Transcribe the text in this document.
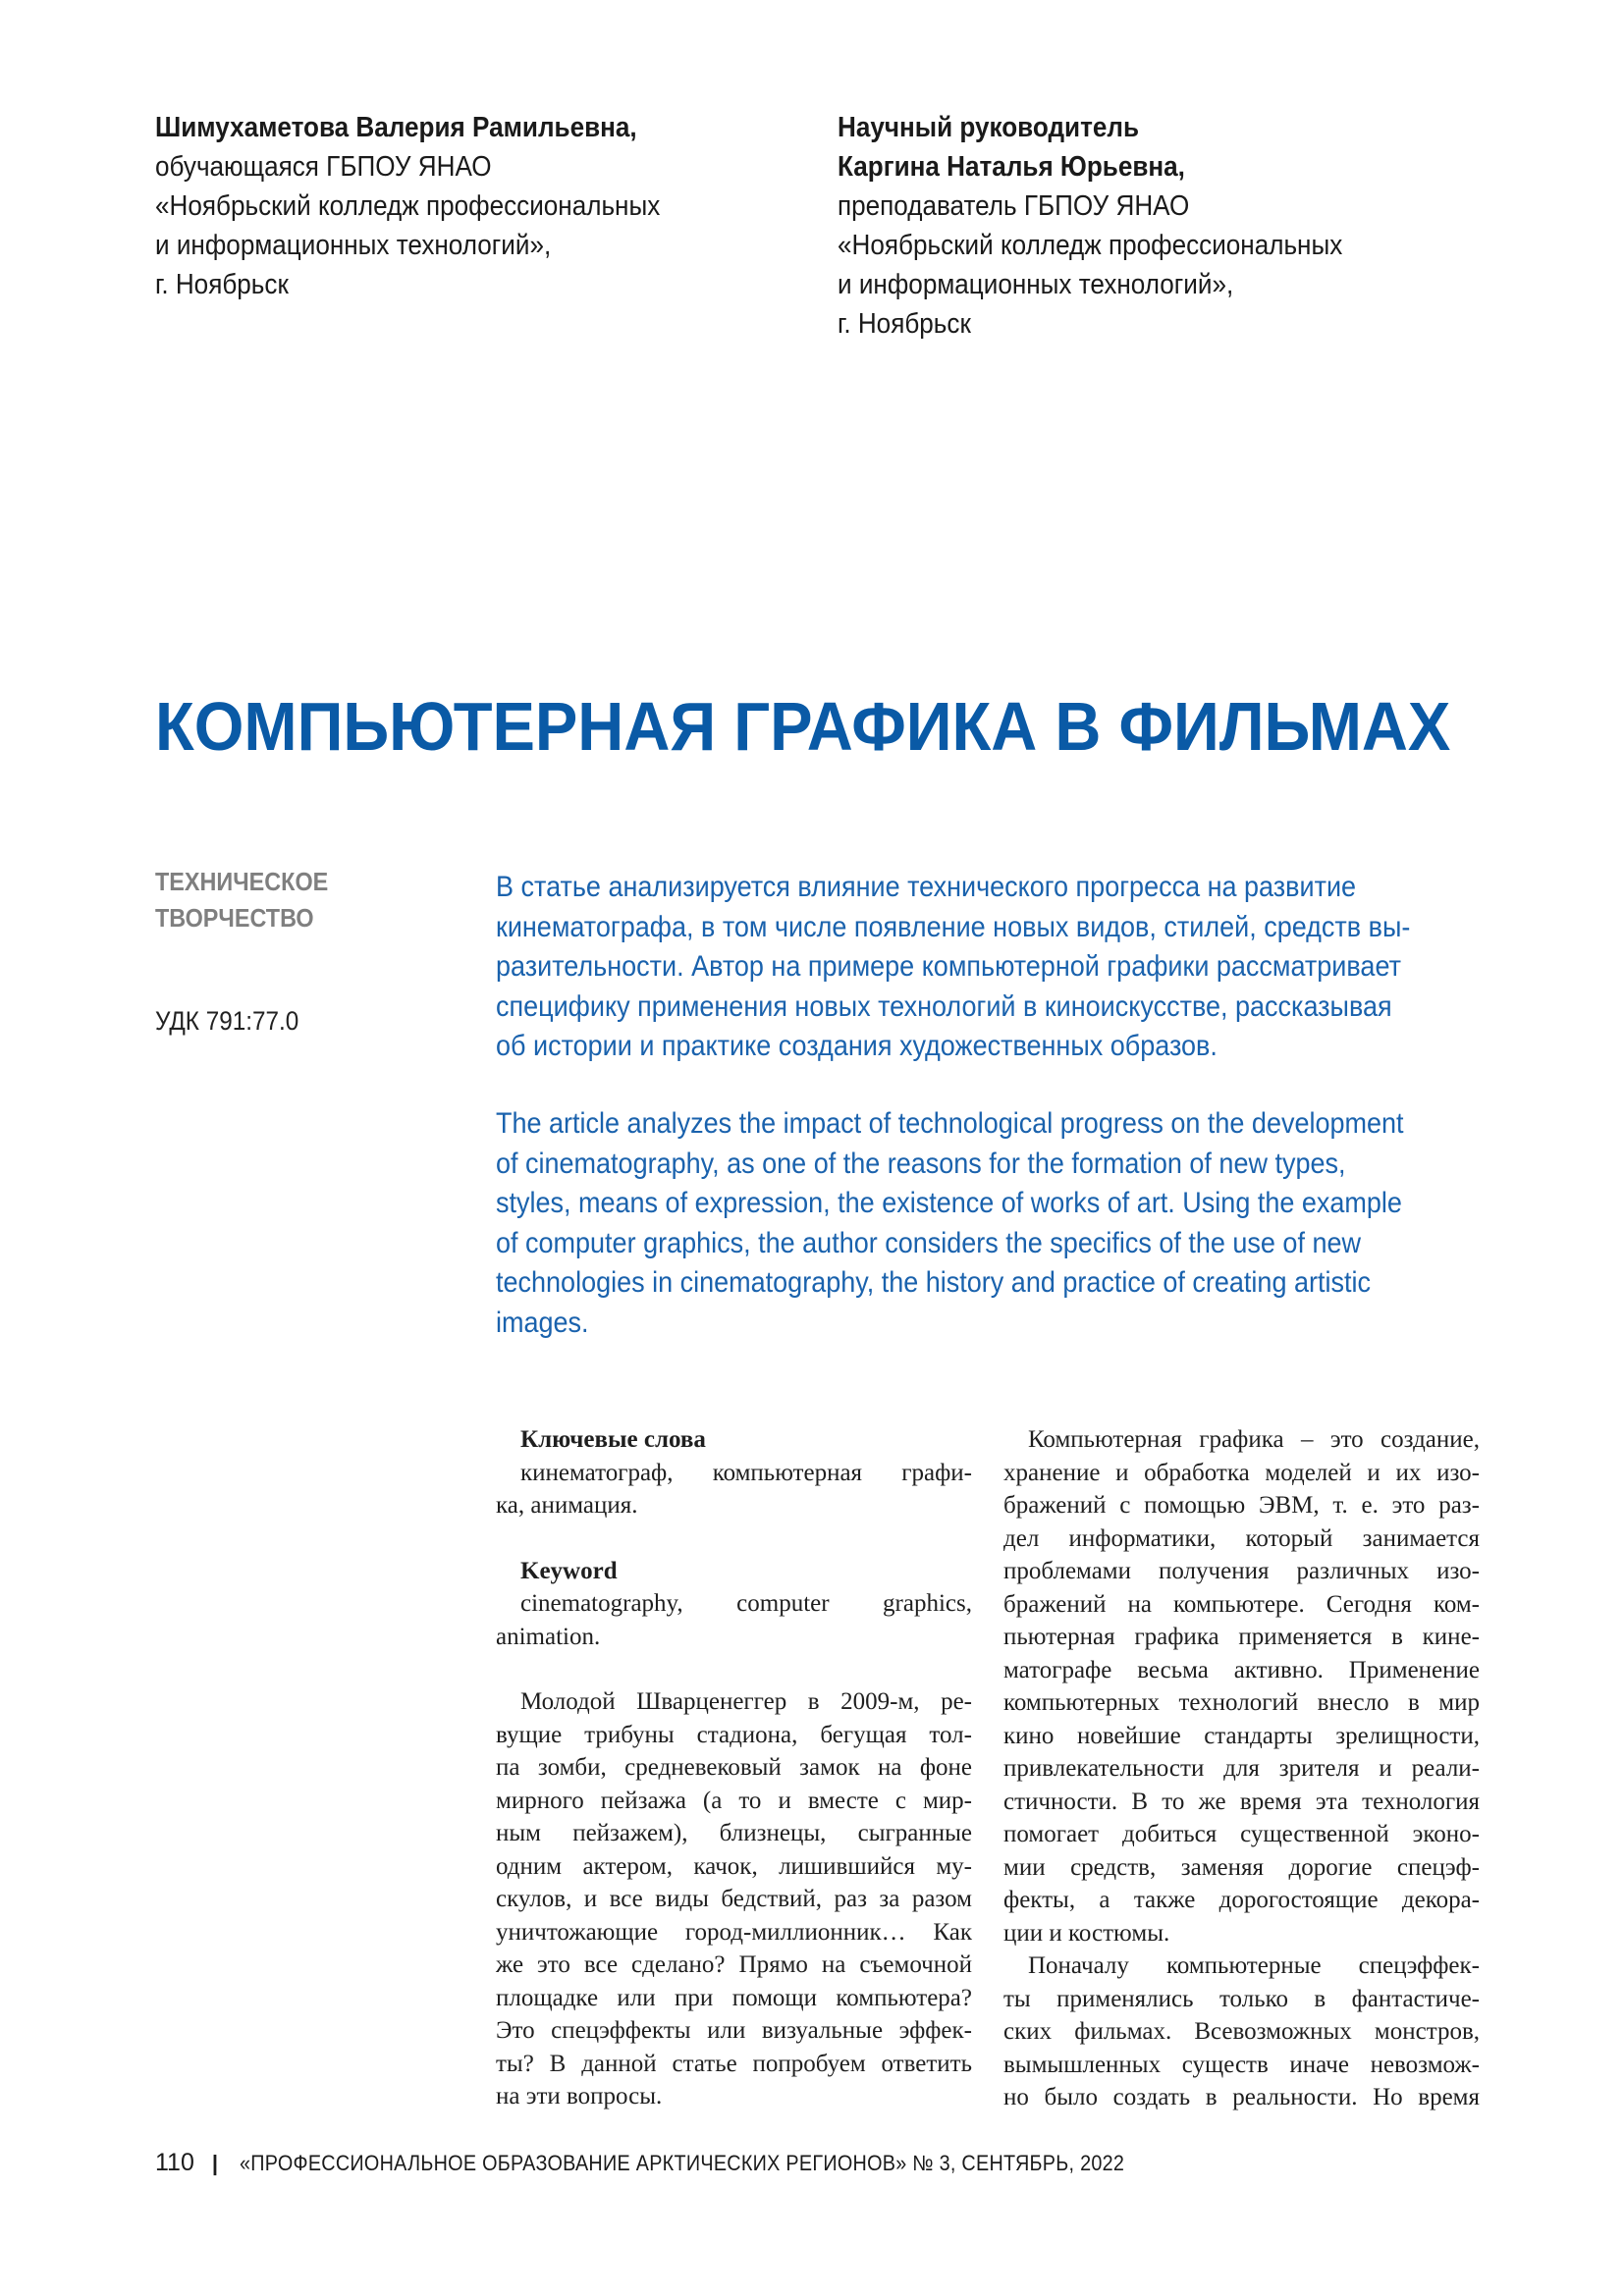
Шимухаметова Валерия Рамильевна,
обучающаяся ГБПОУ ЯНАО
«Ноябрьский колледж профессиональных
и информационных технологий»,
г. Ноябрьск
Научный руководитель
Каргина Наталья Юрьевна,
преподаватель ГБПОУ ЯНАО
«Ноябрьский колледж профессиональных
и информационных технологий»,
г. Ноябрьск
КОМПЬЮТЕРНАЯ ГРАФИКА В ФИЛЬМАХ
ТЕХНИЧЕСКОЕ
ТВОРЧЕСТВО
УДК 791:77.0
В статье анализируется влияние технического прогресса на развитие
кинематографа, в том числе появление новых видов, стилей, средств вы-
разительности. Автор на примере компьютерной графики рассматривает
специфику применения новых технологий в киноискусстве, рассказывая
об истории и практике создания художественных образов.
The article analyzes the impact of technological progress on the development
of cinematography, as one of the reasons for the formation of new types,
styles, means of expression, the existence of works of art. Using the example
of computer graphics, the author considers the specifics of the use of new
technologies in cinematography, the history and practice of creating artistic
images.
Ключевые слова
кинематограф, компьютерная графи-
ка, анимация.
Keyword
cinematography, computer graphics,
animation.
Молодой Шварценеггер в 2009-м, ре-
вущие трибуны стадиона, бегущая тол-
па зомби, средневековый замок на фоне
мирного пейзажа (а то и вместе с мир-
ным пейзажем), близнецы, сыгранные
одним актером, качок, лишившийся му-
скулов, и все виды бедствий, раз за разом
уничтожающие город-миллионник… Как
же это все сделано? Прямо на съемочной
площадке или при помощи компьютера?
Это спецэффекты или визуальные эффек-
ты? В данной статье попробуем ответить
на эти вопросы.
Компьютерная графика – это создание,
хранение и обработка моделей и их изо-
бражений с помощью ЭВМ, т. е. это раз-
дел информатики, который занимается
проблемами получения различных изо-
бражений на компьютере. Сегодня ком-
пьютерная графика применяется в кине-
матографе весьма активно. Применение
компьютерных технологий внесло в мир
кино новейшие стандарты зрелищности,
привлекательности для зрителя и реали-
стичности. В то же время эта технология
помогает добиться существенной эконо-
мии средств, заменяя дорогие спецэф-
фекты, а также дорогостоящие декора-
ции и костюмы.
Поначалу компьютерные спецэффек-
ты применялись только в фантастиче-
ских фильмах. Всевозможных монстров,
вымышленных существ иначе невозмож-
но было создать в реальности. Но время
110 | «ПРОФЕССИОНАЛЬНОЕ ОБРАЗОВАНИЕ АРКТИЧЕСКИХ РЕГИОНОВ» № 3, СЕНТЯБРЬ, 2022
